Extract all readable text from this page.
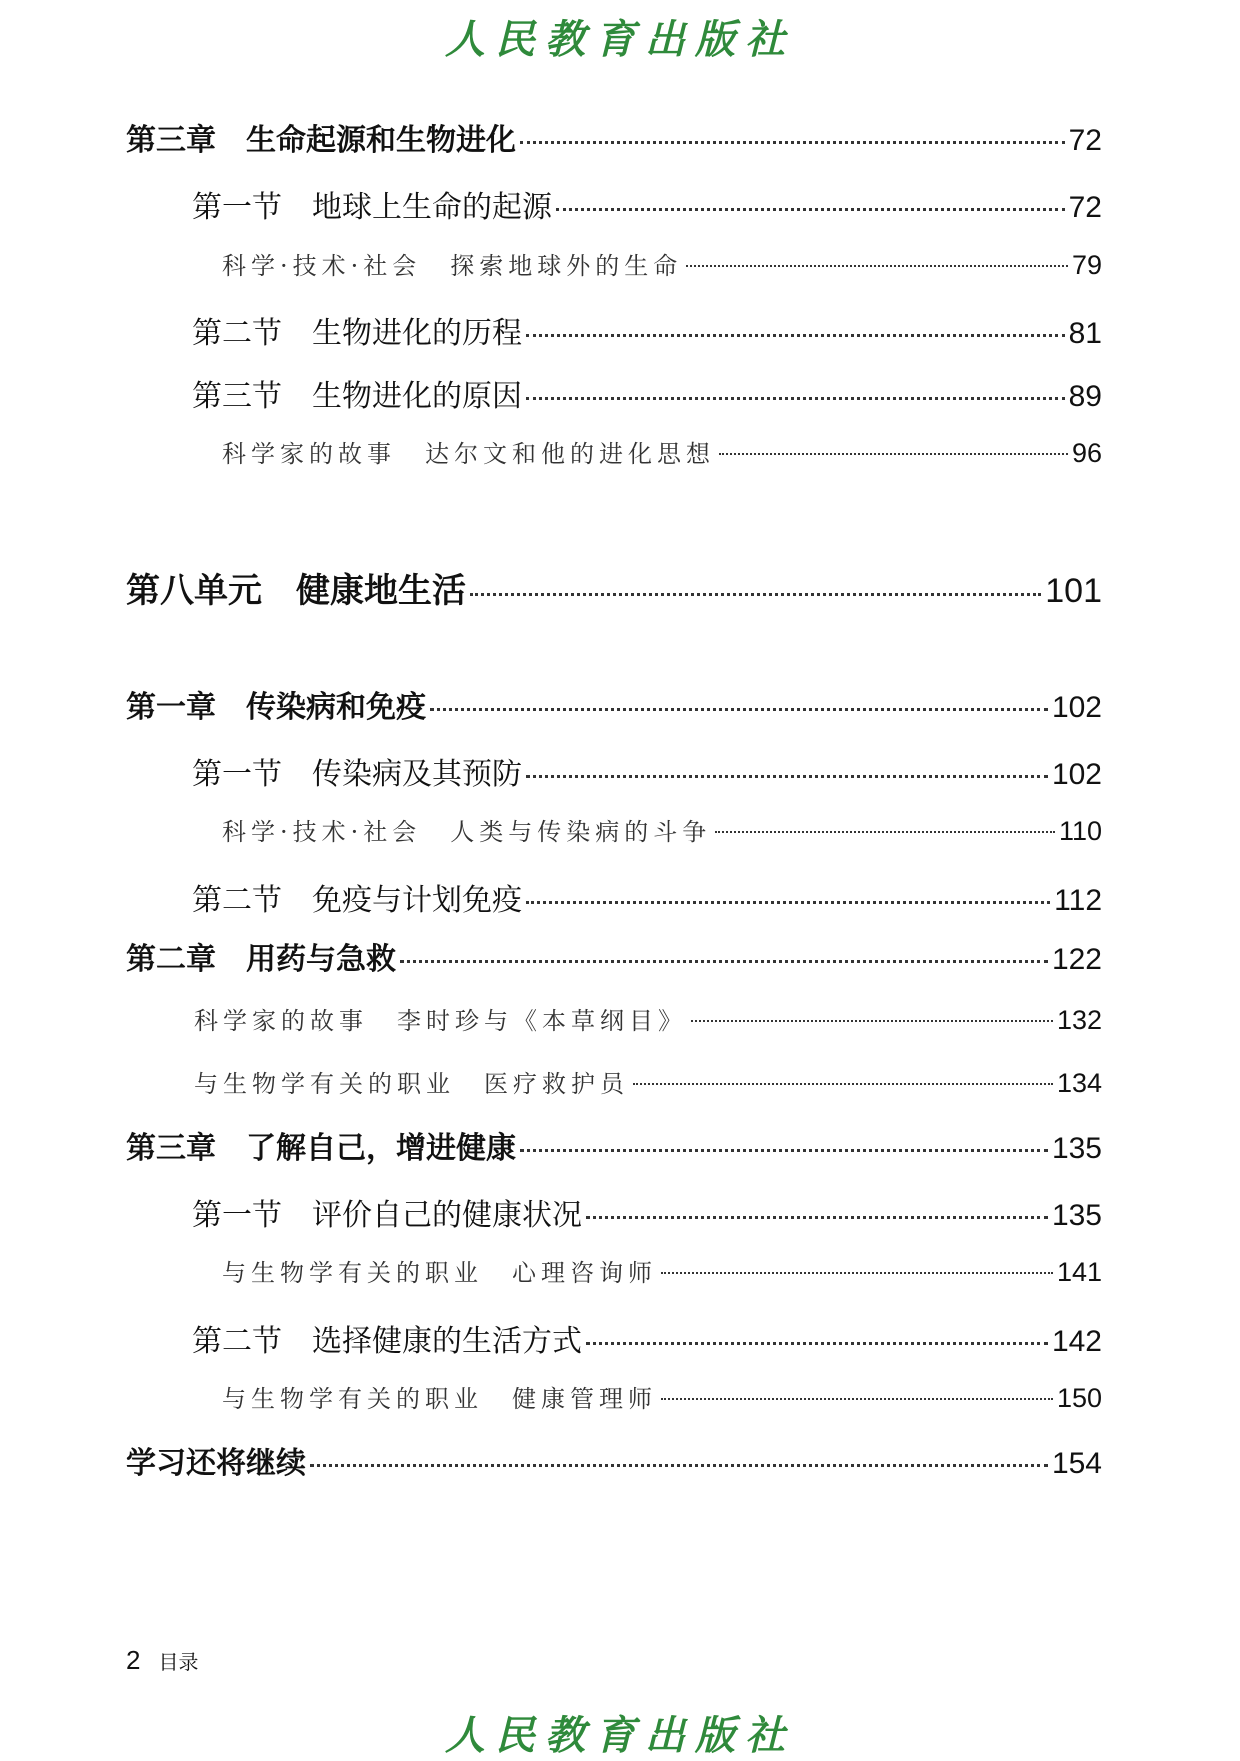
人民教育出版社
第三章　生命起源和生物进化	72
第一节　地球上生命的起源	72
科学·技术·社会　探索地球外的生命	79
第二节　生物进化的历程	81
第三节　生物进化的原因	89
科学家的故事　达尔文和他的进化思想	96
第八单元　健康地生活	101
第一章　传染病和免疫	102
第一节　传染病及其预防	102
科学·技术·社会　人类与传染病的斗争	110
第二节　免疫与计划免疫	112
第二章　用药与急救	122
科学家的故事　李时珍与《本草纲目》	132
与生物学有关的职业　医疗救护员	134
第三章　了解自己，增进健康	135
第一节　评价自己的健康状况	135
与生物学有关的职业　心理咨询师	141
第二节　选择健康的生活方式	142
与生物学有关的职业　健康管理师	150
学习还将继续	154
2 目录
人民教育出版社
